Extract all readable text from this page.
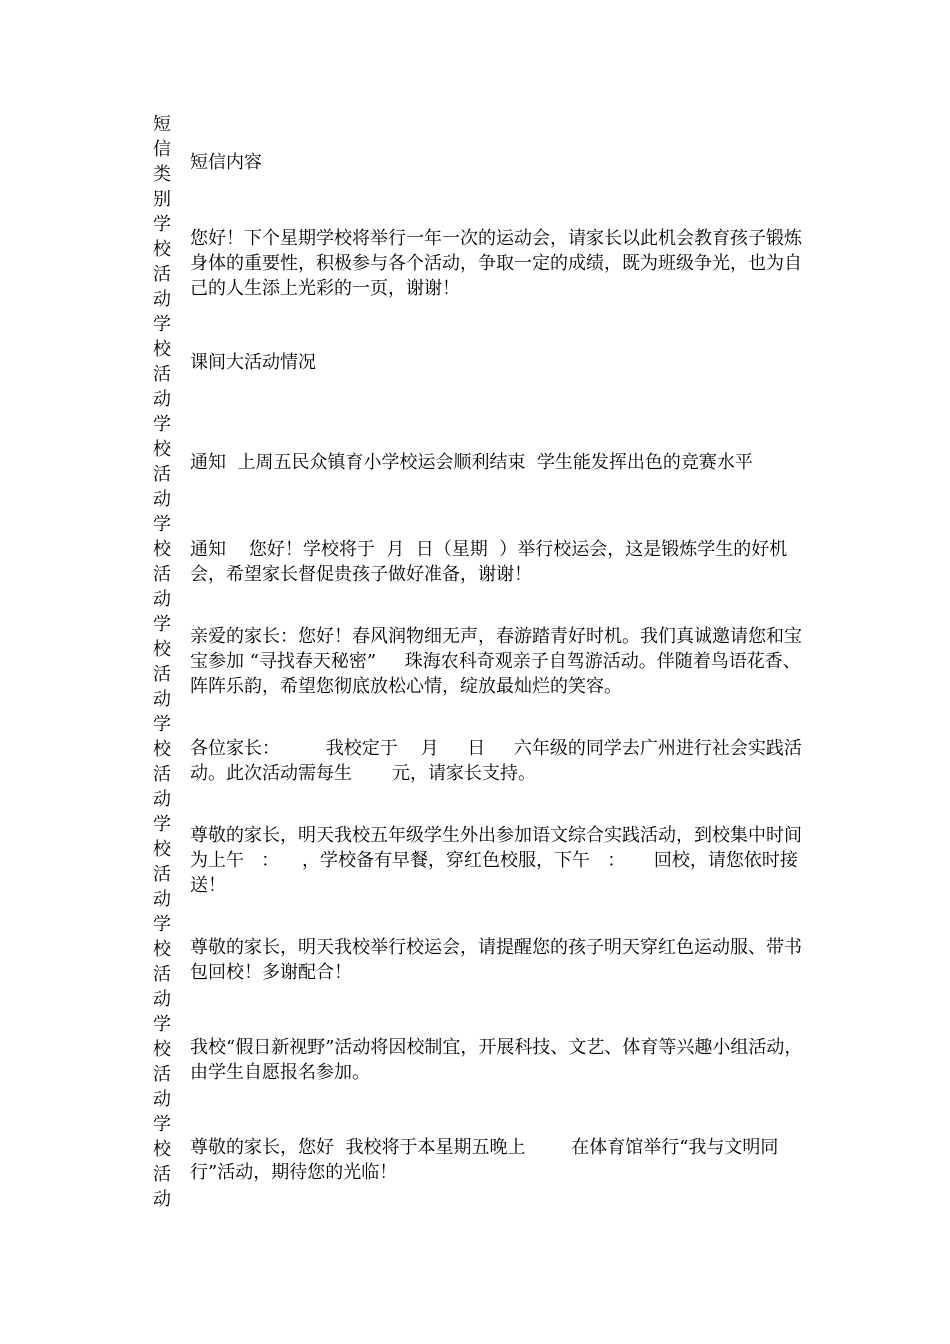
短
信
类
别
学
校
活
动
学
校
活
动
学
校
活
动
学
校
活
动
学
校
活
动
学
校
活
动
学
校
活
动
学
校
活
动
学
校
活
动
学
校
活
动
短信内容
您好！下个星期学校将举行一年一次的运动会，请家长以此机会教育孩子锻炼身体的重要性，积极参与各个活动，争取一定的成绩，既为班级争光，也为自己的人生添上光彩的一页，谢谢！
课间大活动情况
通知  上周五民众镇育小学校运会顺利结束  学生能发挥出色的竞赛水平
通知    您好！学校将于  月  日（星期  ）举行校运会，这是锻炼学生的好机会，希望家长督促贵孩子做好准备，谢谢！
亲爱的家长：您好！春风润物细无声，春游踏青好时机。我们真诚邀请您和宝宝参加 “寻找春天秘密”     珠海农科奇观亲子自驾游活动。伴随着鸟语花香、阵阵乐韵，希望您彻底放松心情，绽放最灿烂的笑容。
各位家长：        我校定于    月     日     六年级的同学去广州进行社会实践活动。此次活动需每生       元，请家长支持。
尊敬的家长，明天我校五年级学生外出参加语文综合实践活动，到校集中时间为上午   ：    ，学校备有早餐，穿红色校服，下午   ：     回校，请您依时接送！
尊敬的家长，明天我校举行校运会，请提醒您的孩子明天穿红色运动服、带书包回校！多谢配合！
我校“假日新视野”活动将因校制宜，开展科技、文艺、体育等兴趣小组活动，由学生自愿报名参加。
尊敬的家长，您好  我校将于本星期五晚上        在体育馆举行“我与文明同行”活动，期待您的光临！
